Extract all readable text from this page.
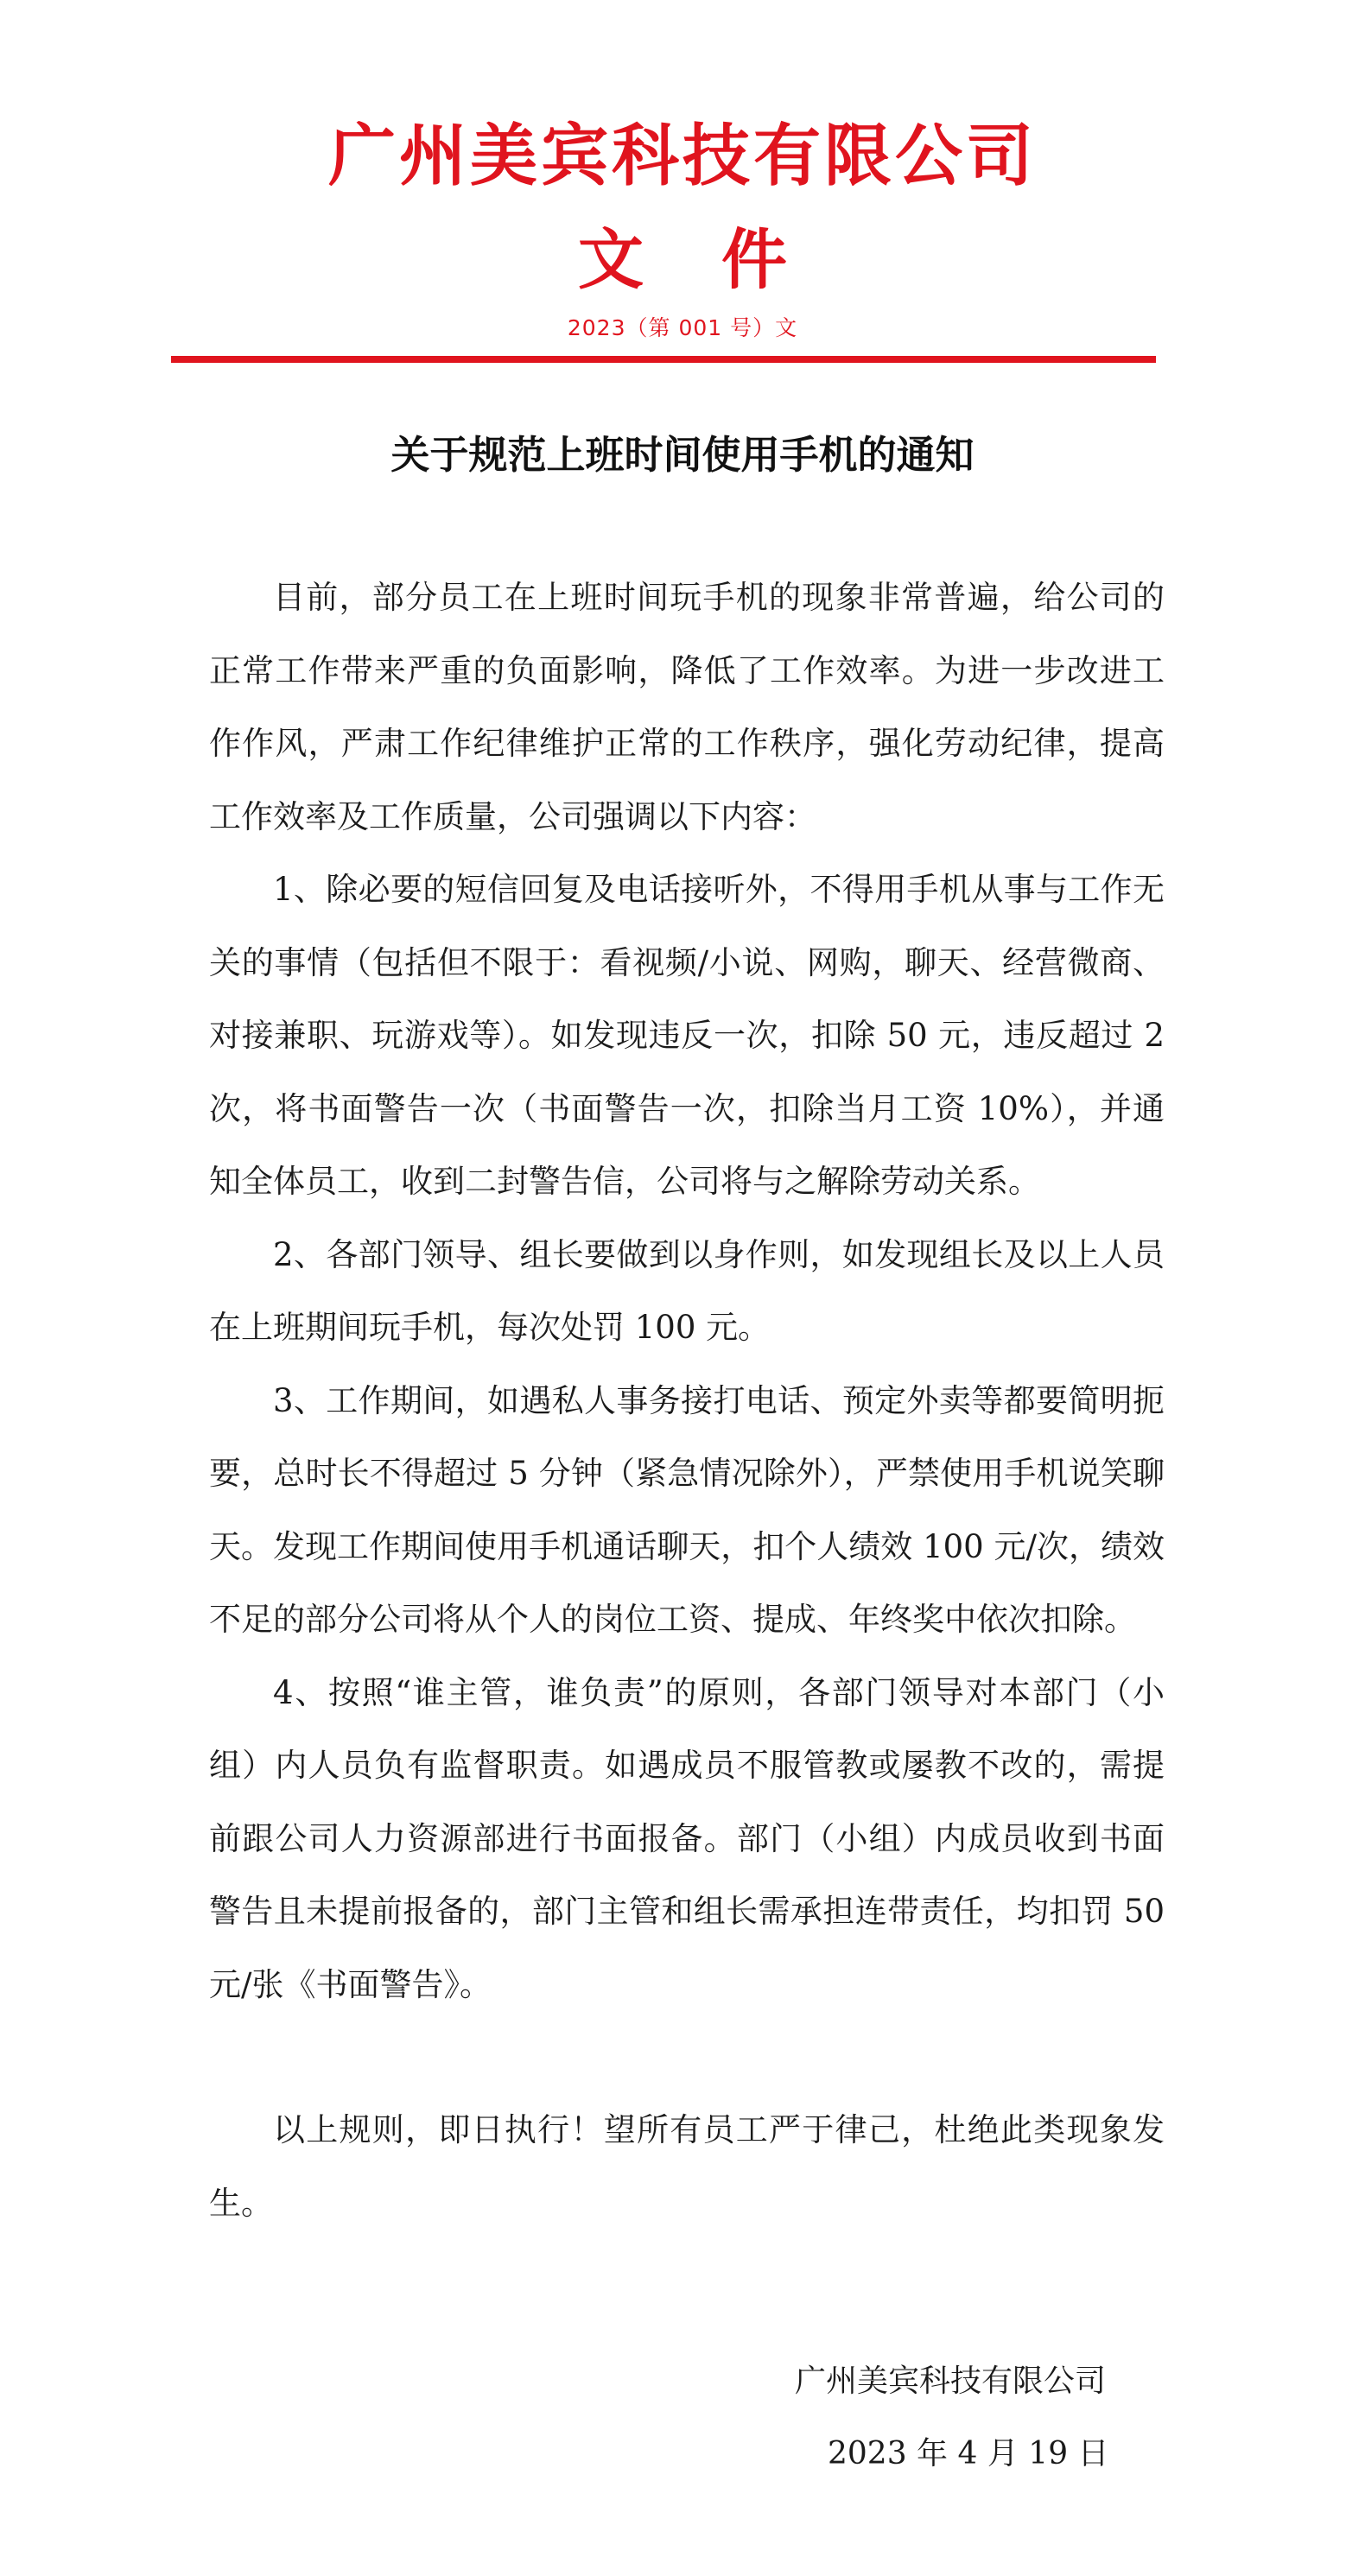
广州美宾科技有限公司
文件
2023（第 001 号）文
关于规范上班时间使用手机的通知

目前，部分员工在上班时间玩手机的现象非常普遍，给公司的正常工作带来严重的负面影响，降低了工作效率。为进一步改进工作作风，严肃工作纪律维护正常的工作秩序，强化劳动纪律，提高工作效率及工作质量，公司强调以下内容：

1、除必要的短信回复及电话接听外，不得用手机从事与工作无关的事情（包括但不限于：看视频/小说、网购，聊天、经营微商、对接兼职、玩游戏等）。如发现违反一次，扣除 50 元，违反超过 2 次，将书面警告一次（书面警告一次，扣除当月工资 10%），并通知全体员工，收到二封警告信，公司将与之解除劳动关系。

2、各部门领导、组长要做到以身作则，如发现组长及以上人员在上班期间玩手机，每次处罚 100 元。

3、工作期间，如遇私人事务接打电话、预定外卖等都要简明扼要，总时长不得超过 5 分钟（紧急情况除外），严禁使用手机说笑聊天。发现工作期间使用手机通话聊天，扣个人绩效 100 元/次，绩效不足的部分公司将从个人的岗位工资、提成、年终奖中依次扣除。

4、按照“谁主管，谁负责”的原则，各部门领导对本部门（小组）内人员负有监督职责。如遇成员不服管教或屡教不改的，需提前跟公司人力资源部进行书面报备。部门（小组）内成员收到书面警告且未提前报备的，部门主管和组长需承担连带责任，均扣罚 50 元/张《书面警告》。

以上规则，即日执行！望所有员工严于律己，杜绝此类现象发生。

广州美宾科技有限公司
2023 年 4 月 19 日
